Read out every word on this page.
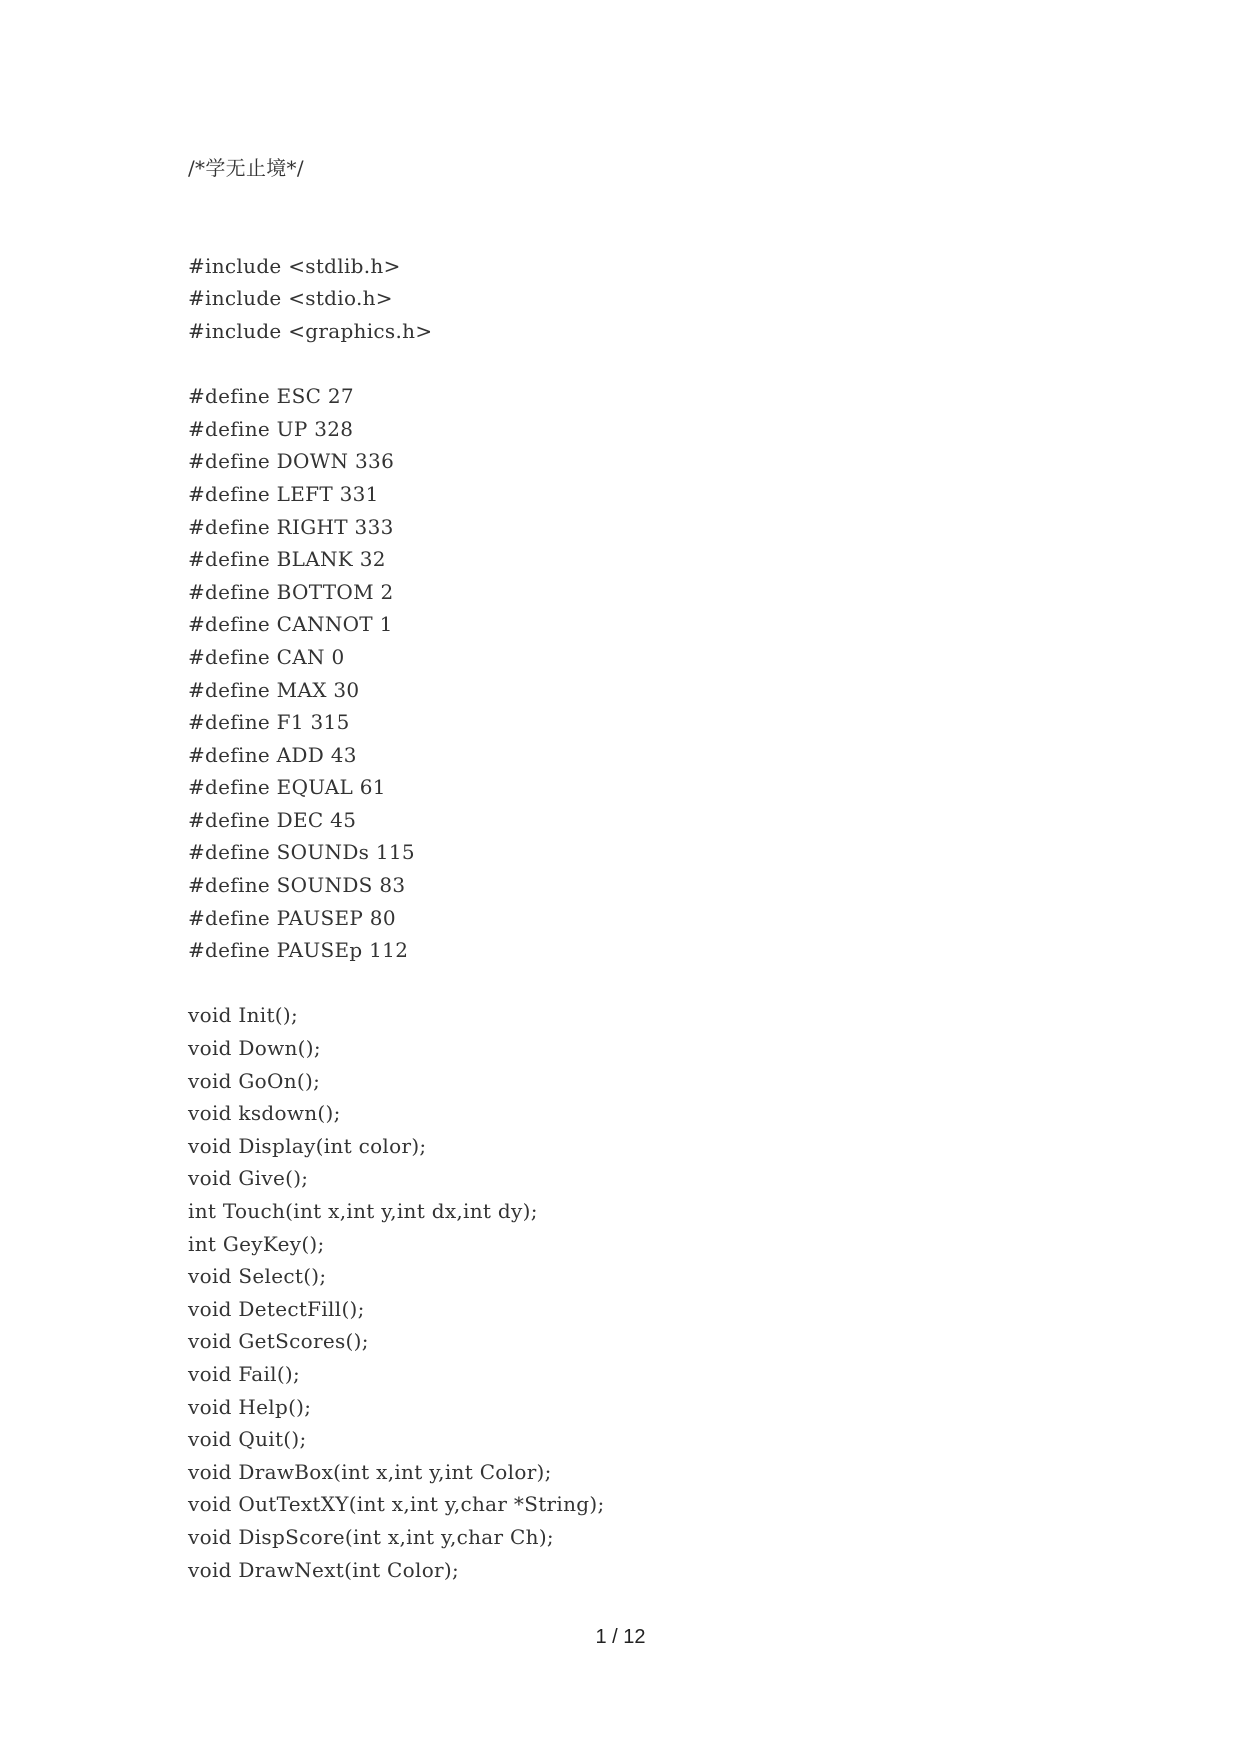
/*学无止境*/
#include <stdlib.h>
#include <stdio.h>
#include <graphics.h>
#define ESC 27
#define UP 328
#define DOWN 336
#define LEFT 331
#define RIGHT 333
#define BLANK 32
#define BOTTOM 2
#define CANNOT 1
#define CAN 0
#define MAX 30
#define F1 315
#define ADD 43
#define EQUAL 61
#define DEC 45
#define SOUNDs 115
#define SOUNDS 83
#define PAUSEP 80
#define PAUSEp 112
void Init();
void Down();
void GoOn();
void ksdown();
void Display(int color);
void Give();
int Touch(int x,int y,int dx,int dy);
int GeyKey();
void Select();
void DetectFill();
void GetScores();
void Fail();
void Help();
void Quit();
void DrawBox(int x,int y,int Color);
void OutTextXY(int x,int y,char *String);
void DispScore(int x,int y,char Ch);
void DrawNext(int Color);
1 / 12
